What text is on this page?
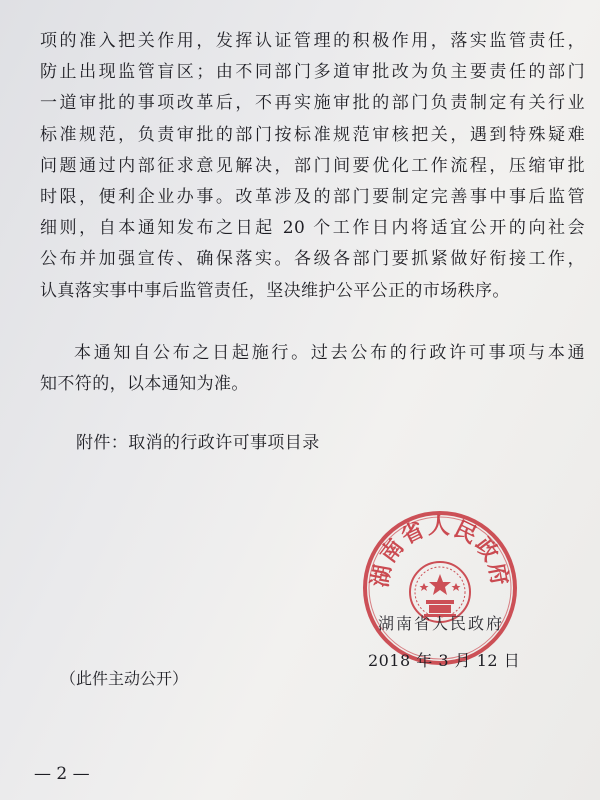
项的准入把关作用，发挥认证管理的积极作用，落实监管责任，
防止出现监管盲区；由不同部门多道审批改为负主要责任的部门
一道审批的事项改革后，不再实施审批的部门负责制定有关行业
标准规范，负责审批的部门按标准规范审核把关，遇到特殊疑难
问题通过内部征求意见解决，部门间要优化工作流程，压缩审批
时限，便利企业办事。改革涉及的部门要制定完善事中事后监管
细则，自本通知发布之日起 20 个工作日内将适宜公开的向社会
公布并加强宣传、确保落实。各级各部门要抓紧做好衔接工作，
认真落实事中事后监管责任，坚决维护公平公正的市场秩序。
本通知自公布之日起施行。过去公布的行政许可事项与本通
知不符的，以本通知为准。
附件：取消的行政许可事项目录
湖南省人民政府
湖南省人民政府
2018 年 3 月 12 日
（此件主动公开）
— 2 —
